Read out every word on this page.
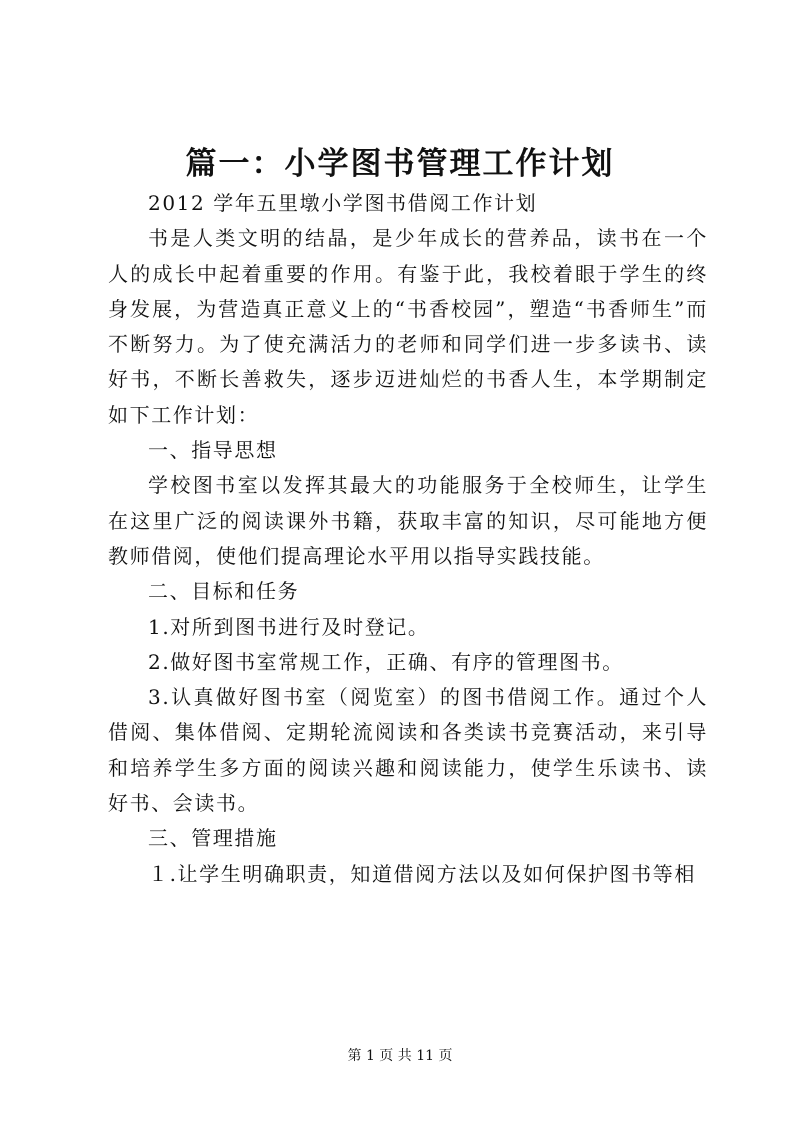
篇一：小学图书管理工作计划

2012 学年五里墩小学图书借阅工作计划

书是人类文明的结晶，是少年成长的营养品，读书在一个人的成长中起着重要的作用。有鉴于此，我校着眼于学生的终身发展，为营造真正意义上的“书香校园”，塑造“书香师生”而不断努力。为了使充满活力的老师和同学们进一步多读书、读好书，不断长善救失，逐步迈进灿烂的书香人生，本学期制定如下工作计划：

一、指导思想

学校图书室以发挥其最大的功能服务于全校师生，让学生在这里广泛的阅读课外书籍，获取丰富的知识，尽可能地方便教师借阅，使他们提高理论水平用以指导实践技能。

二、目标和任务

1.对所到图书进行及时登记。

2.做好图书室常规工作，正确、有序的管理图书。

3.认真做好图书室（阅览室）的图书借阅工作。通过个人借阅、集体借阅、定期轮流阅读和各类读书竞赛活动，来引导和培养学生多方面的阅读兴趣和阅读能力，使学生乐读书、读好书、会读书。

三、管理措施

１.让学生明确职责，知道借阅方法以及如何保护图书等相

第 1 页 共 11 页
